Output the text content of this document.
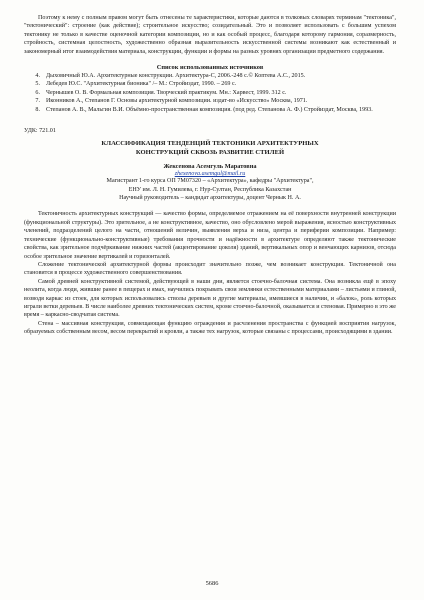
Поэтому к нему с полным правом могут быть отнесены те характеристики, которые даются в толковых словарях терминам "тектоника", "тектонический": строение (как действие); строительное искусство; созидательный. Это и позволяет использовать с большим успехом тектонику не только в качестве оценочной категории композиции, но и как особый процесс, благодаря которому гармония, соразмерность, стройность, системная целостность, художественно образная выразительность искусственной системы возникают как естественный и закономерный итог взаимодействия материала, конструкции, функции и формы на разных уровнях организации предметного содержания.

Список использованных источников

4. Дыховичный Ю.А. Архитектурные конструкции. Архитектура-С, 2006.-248 с.© Коптева А.С., 2015.
5. Лебедев Ю.С. "Архитектурная бионика" /– М.: Стройиздат, 1990. – 269 с.
6. Чернышев О. В. Формальная композиция. Творческий практикум. Мн.: Харвест, 1999. 312 с.
7. Иконников А., Степанов Г. Основы архитектурной композиции. издат-во «Искусство» Москва, 1971.
8. Степанов А. В., Мальгин В.И. Объёмно-пространственная композиция. (под ред. Степанова А. Ф.) Стройиздат, Москва, 1993.

УДК: 721.01

КЛАССИФИКАЦИЯ ТЕНДЕНЦИЙ ТЕКТОНИКИ АРХИТЕКТУРНЫХ
КОНСТРУКЦИЙ СКВОЗЬ РАЗВИТИЕ СТИЛЕЙ

Жексенова Асемгуль Маратовна

zhexenova.asemgul@mail.ru

Магистрант 1-го курса ОП 7М07320 – «Архитектура», кафедры "Архитектура",

ЕНУ им. Л. Н. Гумилева, г. Нур-Султан, Республика Казахстан

Научный руководитель – кандидат архитектуры, доцент Чернык Н. А.

Тектоничность архитектурных конструкций — качество формы, определяемое отражением на её поверхности внутренней конструкции (функциональной структуры). Это зрительное, а не конструктивное, качество, оно обусловлено мерой выражения, ясностью конструктивных членений, подразделений целого на части, отношений величин, выявления верха и низа, центра и периферии композиции. Например: технические (функционально-конструктивные) требования прочности и надёжности в архитектуре определяют также тектонические свойства, как зрительное подчёркивание нижних частей (акцентирование цоколя) зданий, вертикальных опор и венчающих карнизов, отсюда особое зрительное значение вертикалей и горизонталей.

Сложение тектонической архитектурной формы происходит значительно позже, чем возникает конструкция. Тектоничной она становится в процессе художественного совершенствования.

Самой древней конструктивной системой, действующей в наши дни, является стоечно-балочная система. Она возникла ещё в эпоху неолита, когда люди, жившие ранее в пещерах и ямах, научились покрывать свои землянки естественными материалами – листьями и глиной, возводя каркас из стоек, для которых использовались стволы деревьев и другие материалы, имевшиеся в наличии, и «балок», роль которых играли ветки деревьев. В числе наиболее древних тектонических систем, кроме стоечно-балочной, оказывается и стеновая. Примерно в это же время – каркасно-сводчатая система.

Стена – массивная конструкция, совмещающая функцию ограждения и расчленения пространства с функцией восприятия нагрузок, образуемых собственным весом, весом перекрытий и кровли, а также тех нагрузок, которые связаны с процессами, происходящими в здании.

5686
